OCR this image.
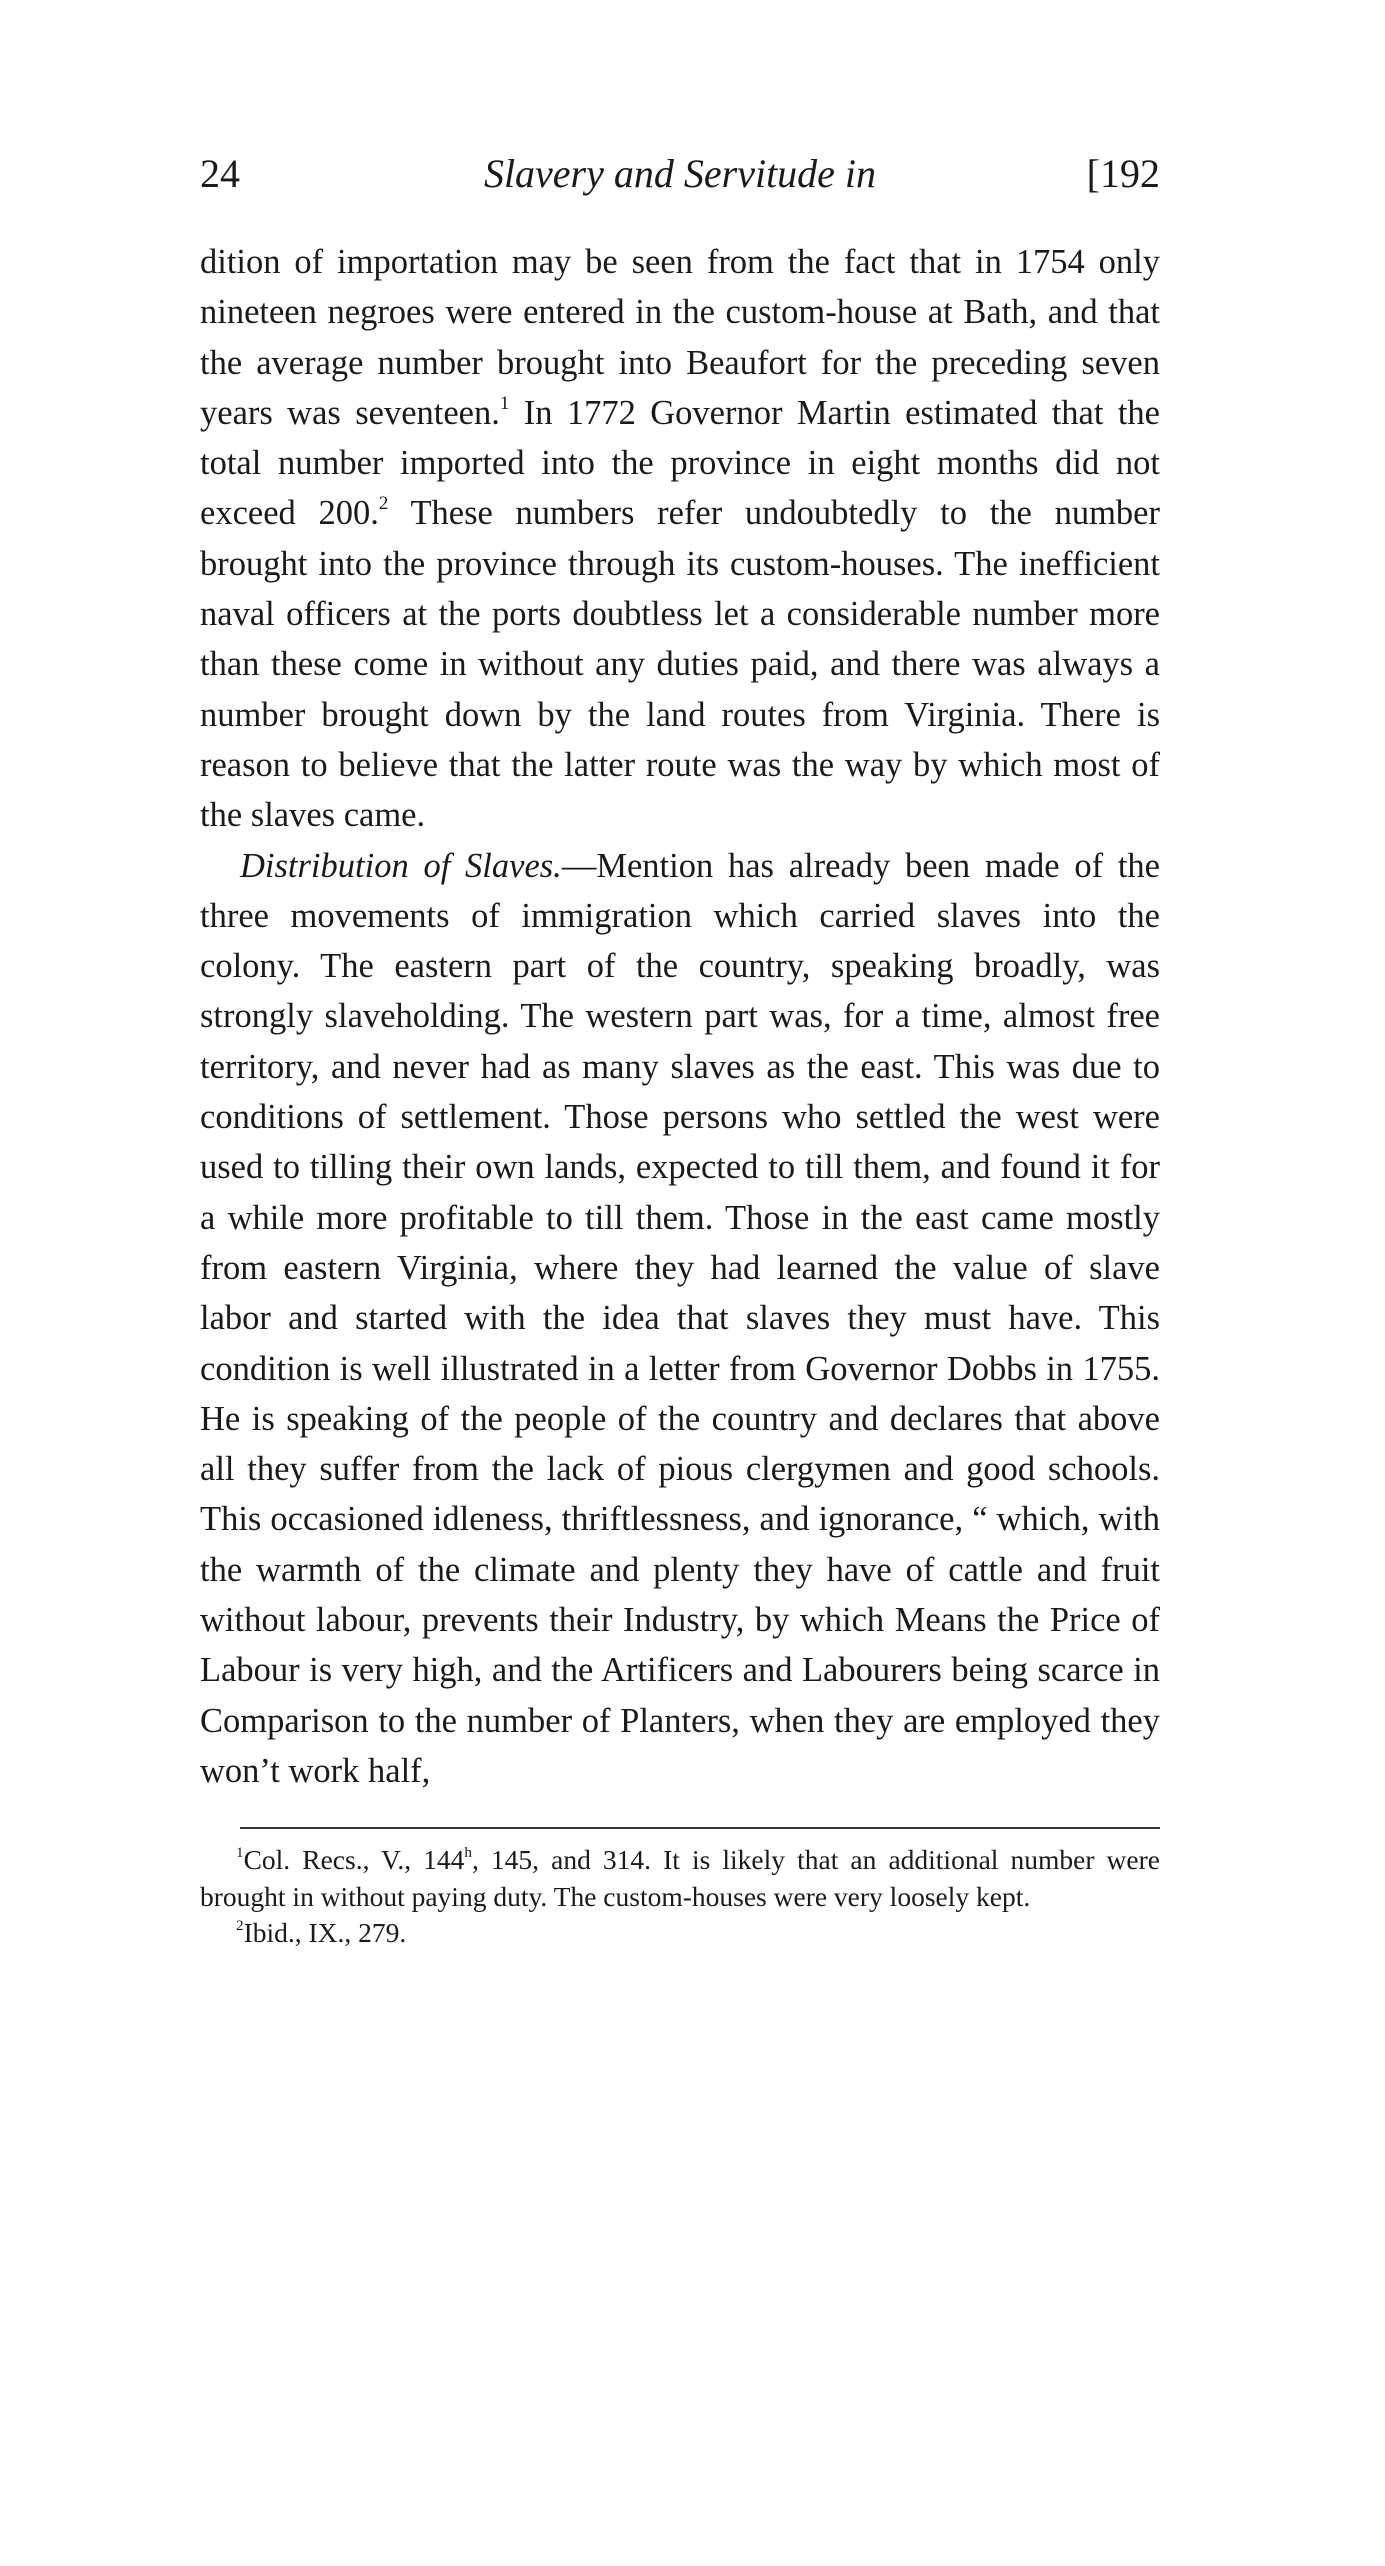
24	Slavery and Servitude in	[192

dition of importation may be seen from the fact that in 1754 only nineteen negroes were entered in the custom-house at Bath, and that the average number brought into Beaufort for the preceding seven years was seventeen.$^1$ In 1772 Governor Martin estimated that the total number imported into the province in eight months did not exceed 200.$^2$ These numbers refer undoubtedly to the number brought into the province through its custom-houses. The inefficient naval officers at the ports doubtless let a considerable number more than these come in without any duties paid, and there was always a number brought down by the land routes from Virginia. There is reason to believe that the latter route was the way by which most of the slaves came.

Distribution of Slaves.—Mention has already been made of the three movements of immigration which carried slaves into the colony. The eastern part of the country, speaking broadly, was strongly slaveholding. The western part was, for a time, almost free territory, and never had as many slaves as the east. This was due to conditions of settlement. Those persons who settled the west were used to tilling their own lands, expected to till them, and found it for a while more profitable to till them. Those in the east came mostly from eastern Virginia, where they had learned the value of slave labor and started with the idea that slaves they must have. This condition is well illustrated in a letter from Governor Dobbs in 1755. He is speaking of the people of the country and declares that above all they suffer from the lack of pious clergymen and good schools. This occasioned idleness, thriftlessness, and ignorance, “ which, with the warmth of the climate and plenty they have of cattle and fruit without labour, prevents their Industry, by which Means the Price of Labour is very high, and the Artificers and Labourers being scarce in Comparison to the number of Planters, when they are employed they won’t work half,

$^1$Col. Recs., V., 144$^h$, 145, and 314. It is likely that an additional number were brought in without paying duty. The custom-houses were very loosely kept.

$^2$Ibid., IX., 279.
